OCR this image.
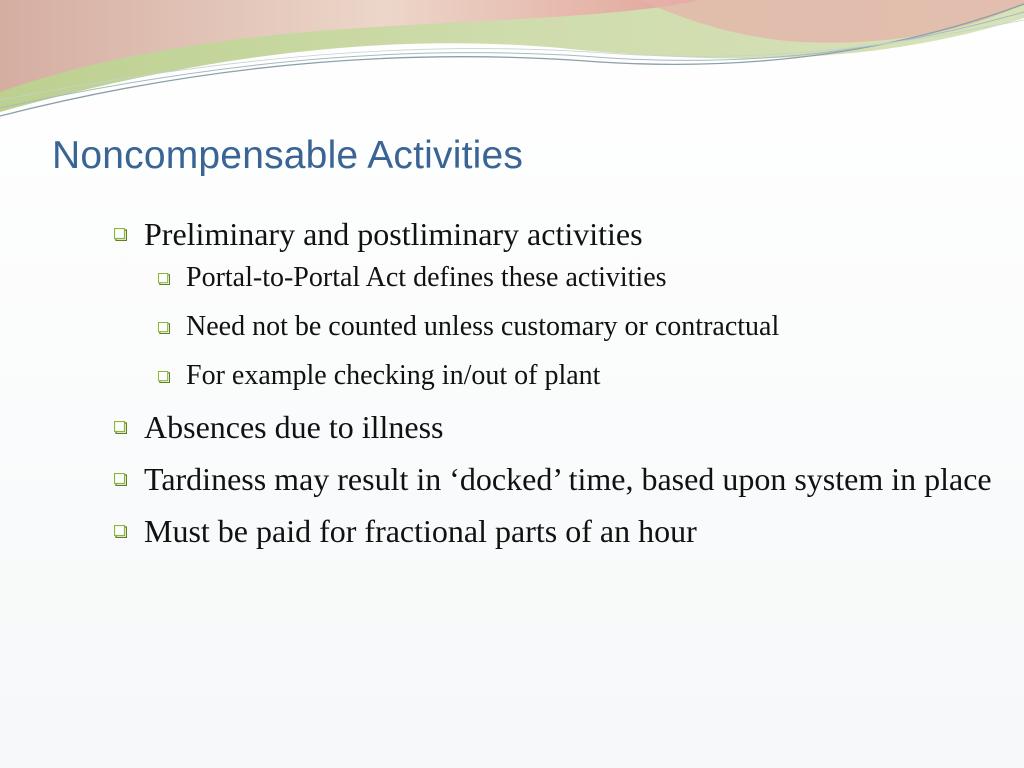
Noncompensable Activities
Preliminary and postliminary activities
Portal-to-Portal Act defines these activities
Need not be counted unless customary or contractual
For example checking in/out of plant
Absences due to illness
Tardiness may result in ‘docked’ time, based upon system in place
Must be paid for fractional parts of an hour
